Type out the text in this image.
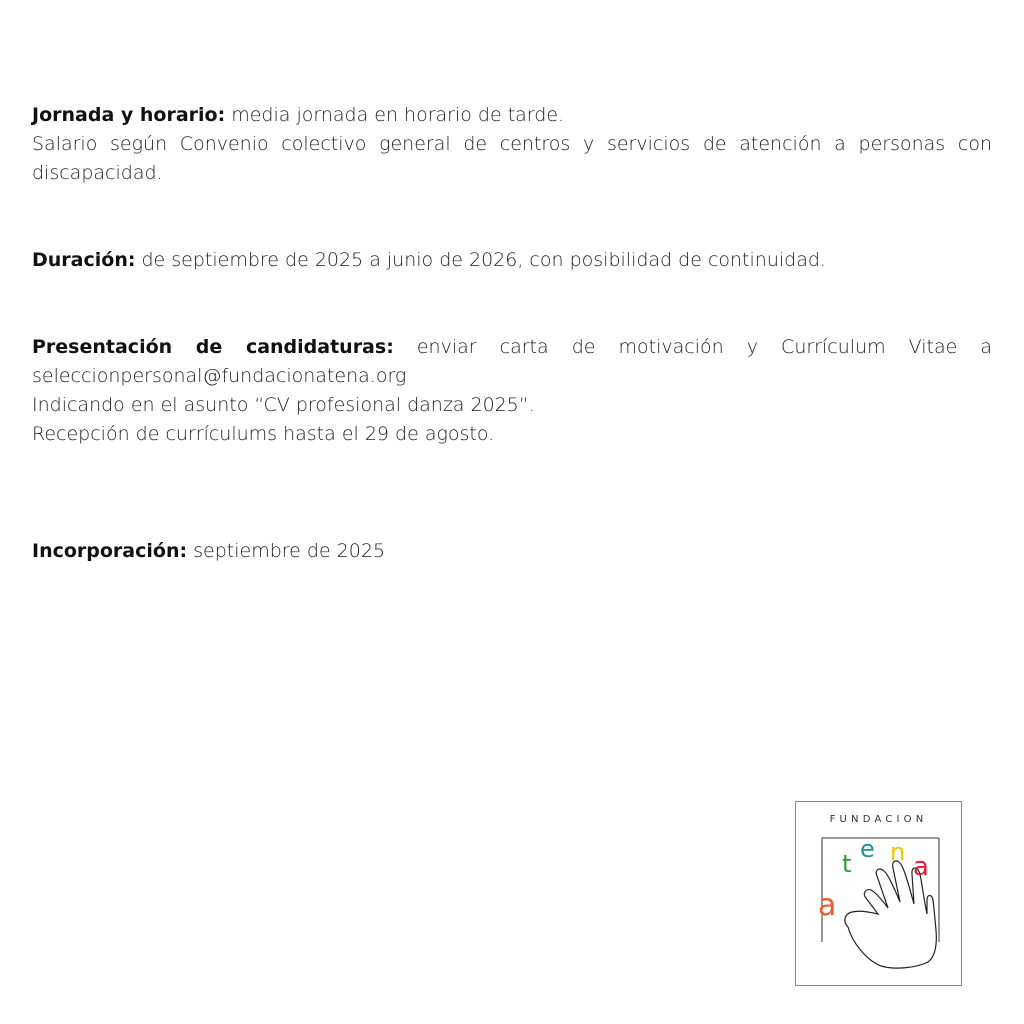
Jornada y horario: media jornada en horario de tarde.

Salario según Convenio colectivo general de centros y servicios de atención a personas con
discapacidad.
Duración: de septiembre de 2025 a junio de 2026, con posibilidad de continuidad.
Presentación de candidaturas: enviar carta de motivación y Currículum Vitae a
seleccionpersonal@fundacionatena.org
Indicando en el asunto “CV profesional danza 2025”.
Recepción de currículums hasta el 29 de agosto.
Incorporación: septiembre de 2025
FUNDACION
a
t
e n a
